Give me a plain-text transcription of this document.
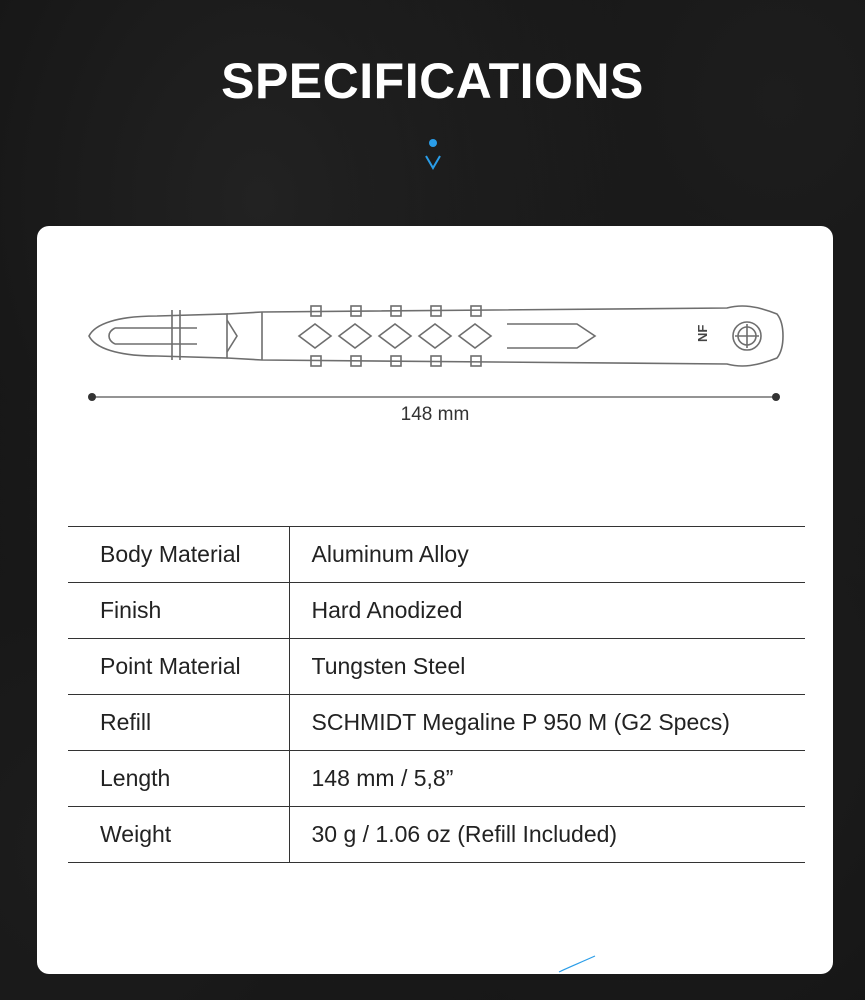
SPECIFICATIONS
NF
148 mm
Body Material	Aluminum Alloy
Finish	Hard Anodized
Point Material	Tungsten Steel
Refill	SCHMIDT Megaline P 950 M (G2 Specs)
Length	148 mm / 5,8”
Weight	30 g / 1.06 oz (Refill Included)
